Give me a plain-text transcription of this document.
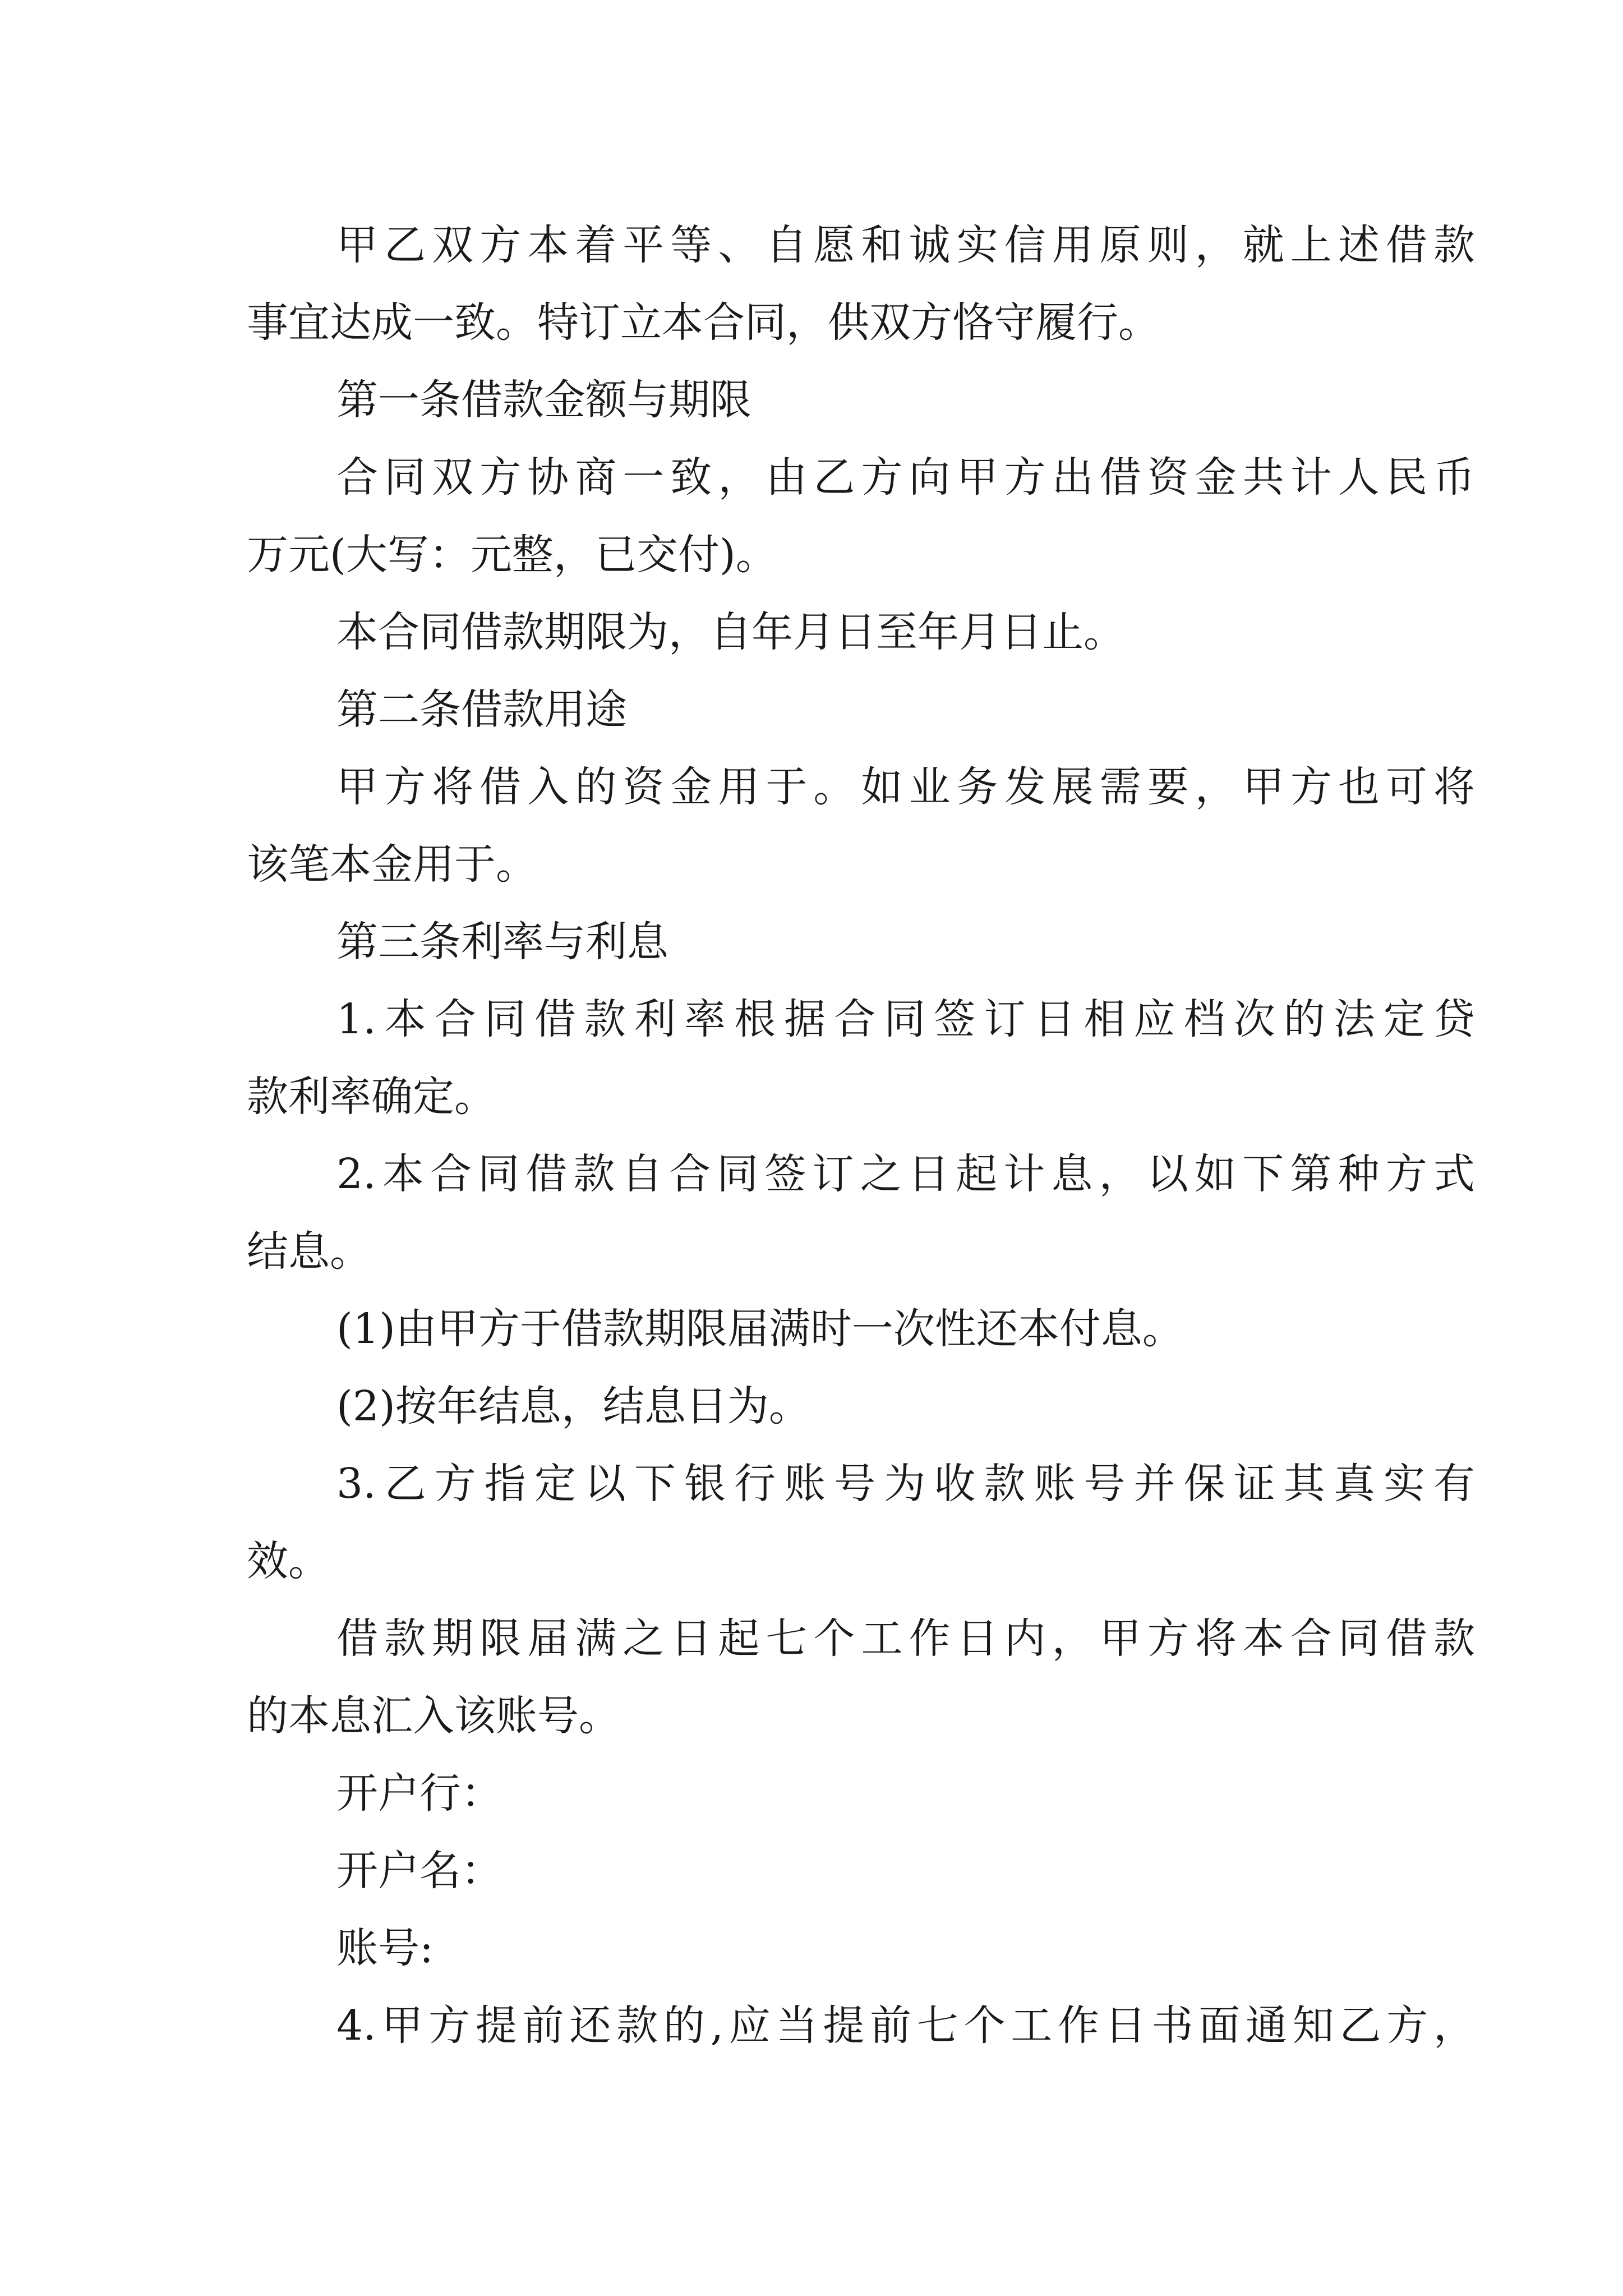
甲乙双方本着平等、自愿和诚实信用原则，就上述借款

事宜达成一致。特订立本合同，供双方恪守履行。

第一条借款金额与期限

合同双方协商一致，由乙方向甲方出借资金共计人民币

万元(大写：元整，已交付)。

本合同借款期限为，自年月日至年月日止。

第二条借款用途

甲方将借入的资金用于。如业务发展需要，甲方也可将

该笔本金用于。

第三条利率与利息

1.本合同借款利率根据合同签订日相应档次的法定贷

款利率确定。

2.本合同借款自合同签订之日起计息，以如下第种方式

结息。

(1)由甲方于借款期限届满时一次性还本付息。

(2)按年结息，结息日为。

3.乙方指定以下银行账号为收款账号并保证其真实有

效。

借款期限届满之日起七个工作日内，甲方将本合同借款

的本息汇入该账号。

开户行：

开户名：

账号:

4.甲方提前还款的,应当提前七个工作日书面通知乙方，
